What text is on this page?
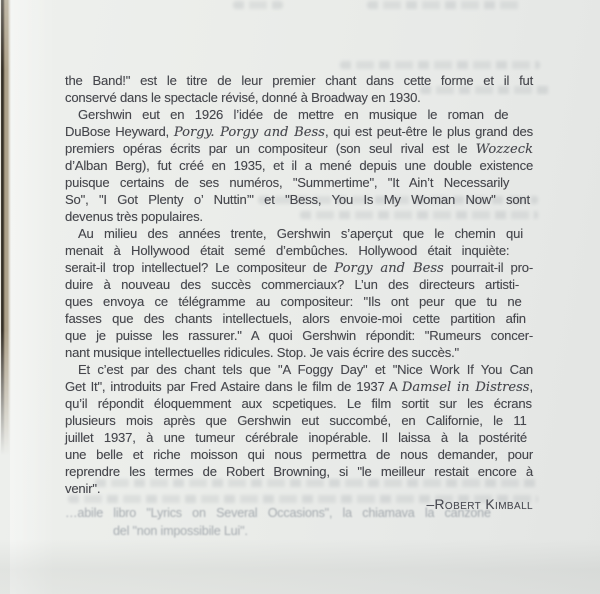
the Band!" est le titre de leur premier chant dans cette forme et il fut
conservé dans le spectacle révisé, donné à Broadway en 1930.
Gershwin eut en 1926 l’idée de mettre en musique le roman de
DuBose Heyward, Porgy. Porgy and Bess, qui est peut-être le plus grand des
premiers opéras écrits par un compositeur (son seul rival est le Wozzeck
d’Alban Berg), fut créé en 1935, et il a mené depuis une double existence
puisque certains de ses numéros, "Summertime", "It Ain’t Necessarily
So", "I Got Plenty o’ Nuttin’" et "Bess, You Is My Woman Now" sont
devenus très populaires.
Au milieu des années trente, Gershwin s’aperçut que le chemin qui
menait à Hollywood était semé d’embûches. Hollywood était inquiète:
serait-il trop intellectuel? Le compositeur de Porgy and Bess pourrait-il pro-
duire à nouveau des succès commerciaux? L’un des directeurs artisti-
ques envoya ce télégramme au compositeur: "Ils ont peur que tu ne
fasses que des chants intellectuels, alors envoie-moi cette partition afin
que je puisse les rassurer." A quoi Gershwin répondit: "Rumeurs concer-
nant musique intellectuelles ridicules. Stop. Je vais écrire des succès."
Et c’est par des chant tels que "A Foggy Day" et "Nice Work If You Can
Get It", introduits par Fred Astaire dans le film de 1937 A Damsel in Distress,
qu’il répondit éloquemment aux scpetiques. Le film sortit sur les écrans
plusieurs mois après que Gershwin eut succombé, en Californie, le 11
juillet 1937, à une tumeur cérébrale inopérable. Il laissa à la postérité
une belle et riche moisson qui nous permettra de nous demander, pour
reprendre les termes de Robert Browning, si "le meilleur restait encore à
venir".
–Robert Kimball
…abile libro "Lyrics on Several Occasions", la chiamava la canzone
del "non impossibile Lui".
